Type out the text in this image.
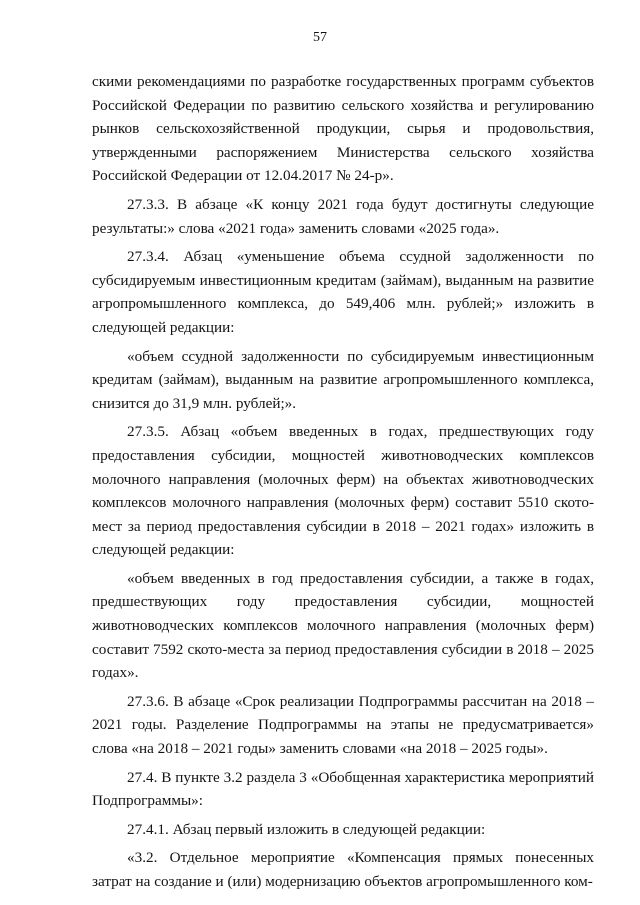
57

скими рекомендациями по разработке государственных программ субъектов Российской Федерации по развитию сельского хозяйства и регулированию рынков сельскохозяйственной продукции, сырья и продовольствия, утвержденными распоряжением Министерства сельского хозяйства Российской Федерации от 12.04.2017 № 24-р».

27.3.3. В абзаце «К концу 2021 года будут достигнуты следующие результаты:» слова «2021 года» заменить словами «2025 года».

27.3.4. Абзац «уменьшение объема ссудной задолженности по субсидируемым инвестиционным кредитам (займам), выданным на развитие агропромышленного комплекса, до 549,406 млн. рублей;» изложить в следующей редакции:

«объем ссудной задолженности по субсидируемым инвестиционным кредитам (займам), выданным на развитие агропромышленного комплекса, снизится до 31,9 млн. рублей;».

27.3.5. Абзац «объем введенных в годах, предшествующих году предоставления субсидии, мощностей животноводческих комплексов молочного направления (молочных ферм) на объектах животноводческих комплексов молочного направления (молочных ферм) составит 5510 ското-мест за период предоставления субсидии в 2018 – 2021 годах» изложить в следующей редакции:

«объем введенных в год предоставления субсидии, а также в годах, предшествующих году предоставления субсидии, мощностей животноводческих комплексов молочного направления (молочных ферм) составит 7592 ското-места за период предоставления субсидии в 2018 – 2025 годах».

27.3.6. В абзаце «Срок реализации Подпрограммы рассчитан на 2018 – 2021 годы. Разделение Подпрограммы на этапы не предусматривается» слова «на 2018 – 2021 годы» заменить словами «на 2018 – 2025 годы».

27.4. В пункте 3.2 раздела 3 «Обобщенная характеристика мероприятий Подпрограммы»:

27.4.1. Абзац первый изложить в следующей редакции:

«3.2. Отдельное мероприятие «Компенсация прямых понесенных затрат на создание и (или) модернизацию объектов агропромышленного ком-
